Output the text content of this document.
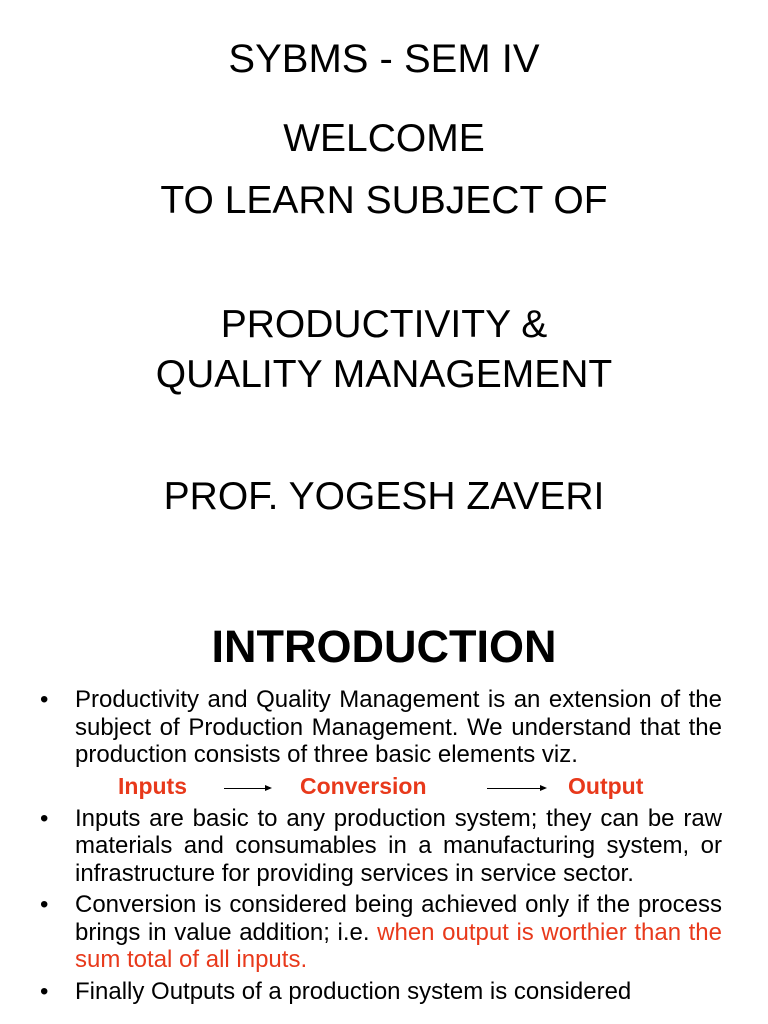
SYBMS - SEM IV
WELCOME
TO LEARN SUBJECT OF
PRODUCTIVITY &
QUALITY MANAGEMENT
PROF. YOGESH ZAVERI
INTRODUCTION
• Productivity and Quality Management is an extension of the subject of Production Management. We understand that the production consists of three basic elements viz.
Inputs	Conversion	Output
• Inputs are basic to any production system; they can be raw materials and consumables in a manufacturing system, or infrastructure for providing services in service sector.
• Conversion is considered being achieved only if the process brings in value addition; i.e. when output is worthier than the sum total of all inputs.
• Finally Outputs of a production system is considered
